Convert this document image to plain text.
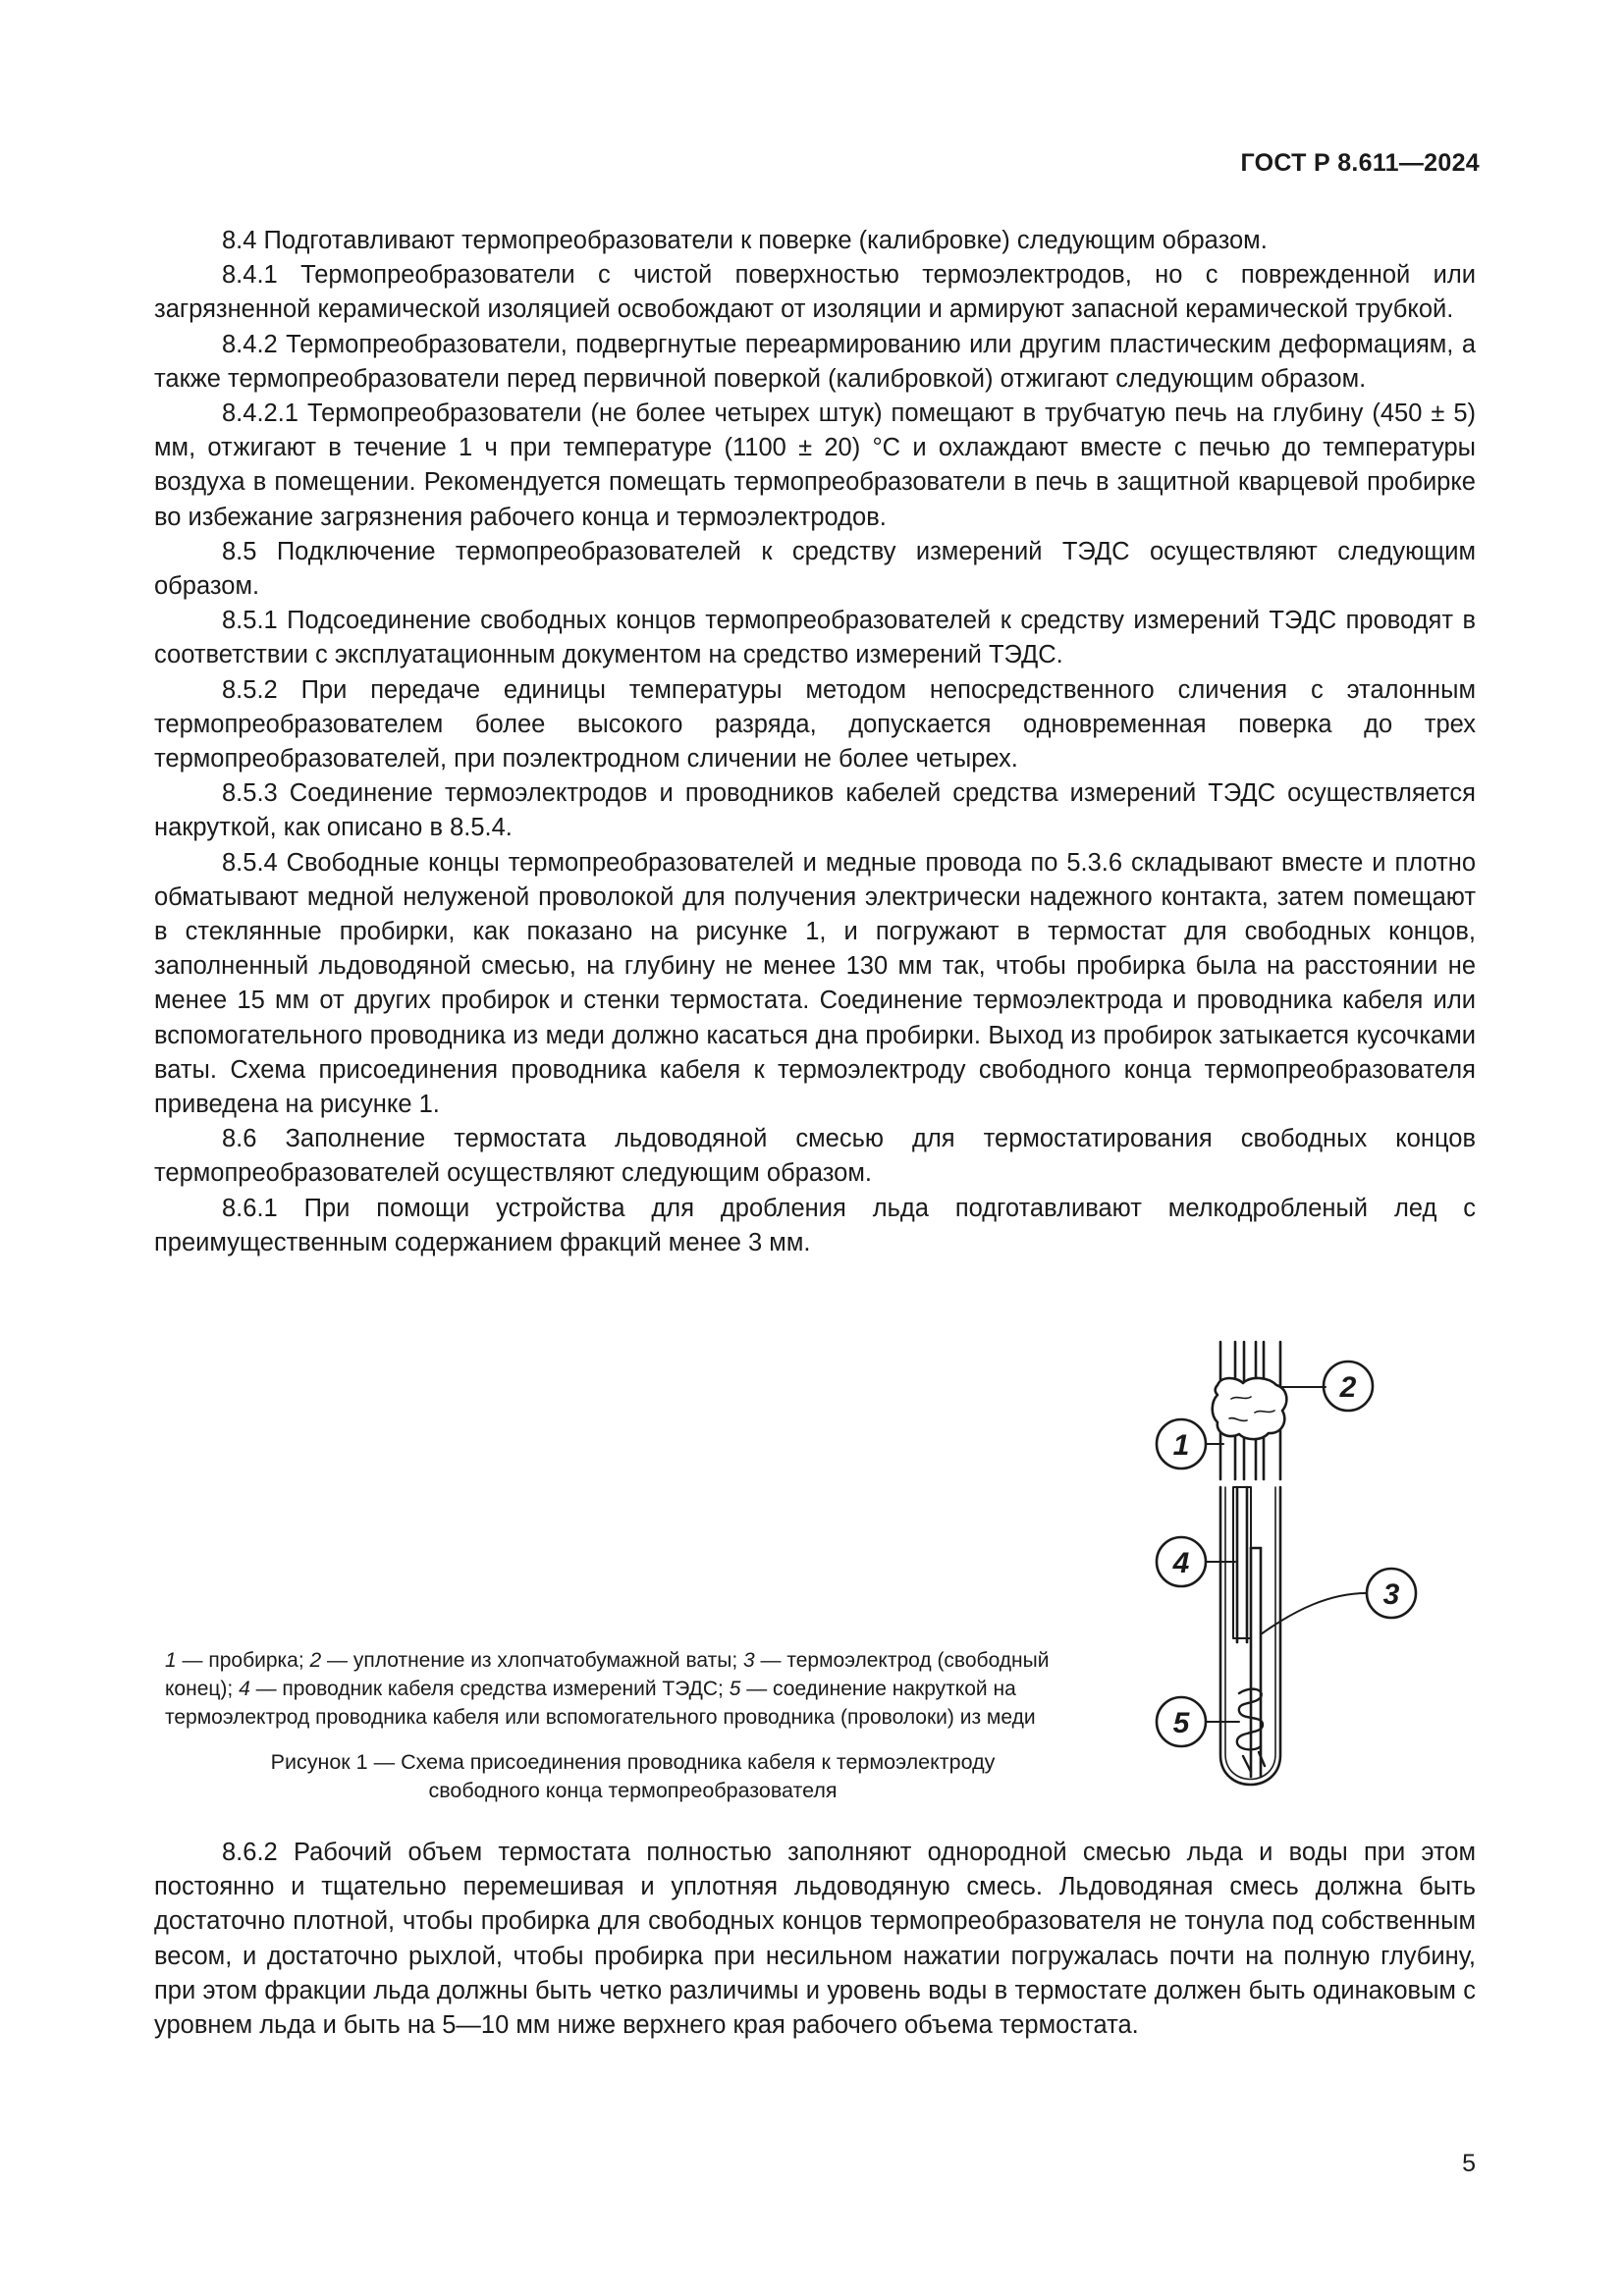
ГОСТ Р 8.611—2024

8.4 Подготавливают термопреобразователи к поверке (калибровке) следующим образом.

8.4.1 Термопреобразователи с чистой поверхностью термоэлектродов, но с поврежденной или загрязненной керамической изоляцией освобождают от изоляции и армируют запасной керамической трубкой.

8.4.2 Термопреобразователи, подвергнутые переармированию или другим пластическим деформациям, а также термопреобразователи перед первичной поверкой (калибровкой) отжигают следующим образом.

8.4.2.1 Термопреобразователи (не более четырех штук) помещают в трубчатую печь на глубину (450 ± 5) мм, отжигают в течение 1 ч при температуре (1100 ± 20) °С и охлаждают вместе с печью до температуры воздуха в помещении. Рекомендуется помещать термопреобразователи в печь в защитной кварцевой пробирке во избежание загрязнения рабочего конца и термоэлектродов.

8.5 Подключение термопреобразователей к средству измерений ТЭДС осуществляют следующим образом.

8.5.1 Подсоединение свободных концов термопреобразователей к средству измерений ТЭДС проводят в соответствии с эксплуатационным документом на средство измерений ТЭДС.

8.5.2 При передаче единицы температуры методом непосредственного сличения с эталонным термопреобразователем более высокого разряда, допускается одновременная поверка до трех термопреобразователей, при поэлектродном сличении не более четырех.

8.5.3 Соединение термоэлектродов и проводников кабелей средства измерений ТЭДС осуществляется накруткой, как описано в 8.5.4.

8.5.4 Свободные концы термопреобразователей и медные провода по 5.3.6 складывают вместе и плотно обматывают медной нелуженой проволокой для получения электрически надежного контакта, затем помещают в стеклянные пробирки, как показано на рисунке 1, и погружают в термостат для свободных концов, заполненный льдоводяной смесью, на глубину не менее 130 мм так, чтобы пробирка была на расстоянии не менее 15 мм от других пробирок и стенки термостата. Соединение термоэлектрода и проводника кабеля или вспомогательного проводника из меди должно касаться дна пробирки. Выход из пробирок затыкается кусочками ваты. Схема присоединения проводника кабеля к термоэлектроду свободного конца термопреобразователя приведена на рисунке 1.

8.6 Заполнение термостата льдоводяной смесью для термостатирования свободных концов термопреобразователей осуществляют следующим образом.

8.6.1 При помощи устройства для дробления льда подготавливают мелкодробленый лед с преимущественным содержанием фракций менее 3 мм.

1 — пробирка; 2 — уплотнение из хлопчатобумажной ваты; 3 — термоэлектрод (свободный
конец); 4 — проводник кабеля средства измерений ТЭДС; 5 — соединение накруткой на
термоэлектрод проводника кабеля или вспомогательного проводника (проволоки) из меди
Рисунок 1 — Схема присоединения проводника кабеля к термоэлектроду
свободного конца термопреобразователя
1
2
3
4
5

8.6.2 Рабочий объем термостата полностью заполняют однородной смесью льда и воды при этом постоянно и тщательно перемешивая и уплотняя льдоводяную смесь. Льдоводяная смесь должна быть достаточно плотной, чтобы пробирка для свободных концов термопреобразователя не тонула под собственным весом, и достаточно рыхлой, чтобы пробирка при несильном нажатии погружалась почти на полную глубину, при этом фракции льда должны быть четко различимы и уровень воды в термостате должен быть одинаковым с уровнем льда и быть на 5—10 мм ниже верхнего края рабочего объема термостата.

5
